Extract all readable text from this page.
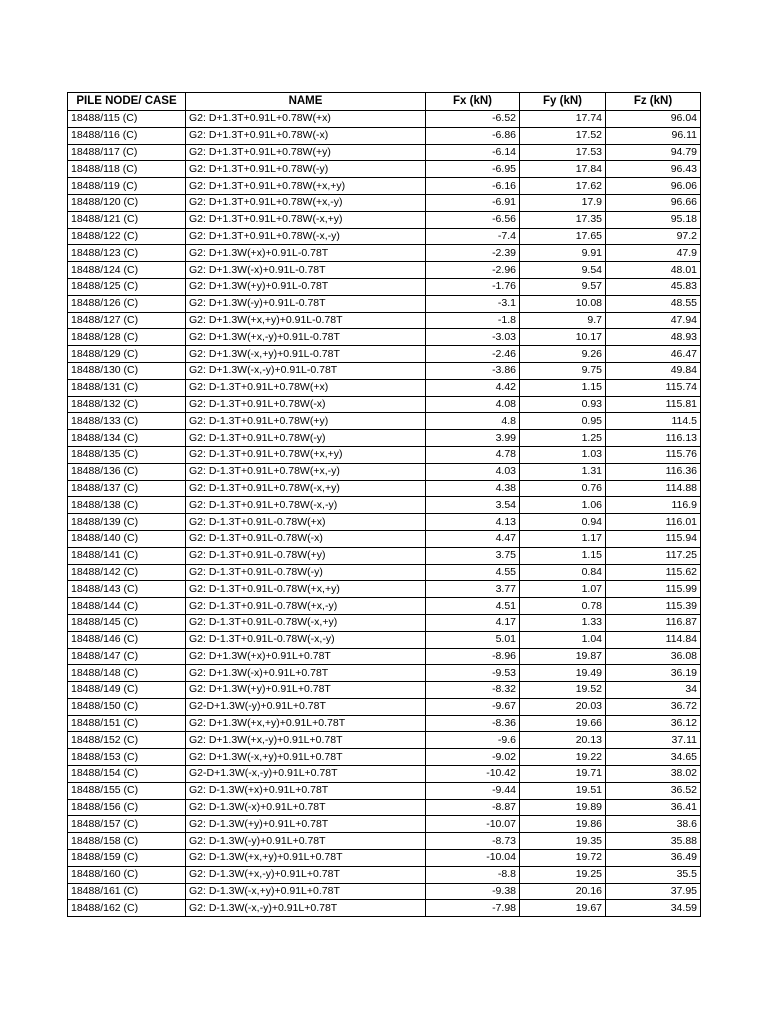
PILE NODE/ CASE	NAME	Fx (kN)	Fy (kN)	Fz (kN)
18488/115 (C)	G2: D+1.3T+0.91L+0.78W(+x)	-6.52	17.74	96.04
18488/116 (C)	G2: D+1.3T+0.91L+0.78W(-x)	-6.86	17.52	96.11
18488/117 (C)	G2: D+1.3T+0.91L+0.78W(+y)	-6.14	17.53	94.79
18488/118 (C)	G2: D+1.3T+0.91L+0.78W(-y)	-6.95	17.84	96.43
18488/119 (C)	G2: D+1.3T+0.91L+0.78W(+x,+y)	-6.16	17.62	96.06
18488/120 (C)	G2: D+1.3T+0.91L+0.78W(+x,-y)	-6.91	17.9	96.66
18488/121 (C)	G2: D+1.3T+0.91L+0.78W(-x,+y)	-6.56	17.35	95.18
18488/122 (C)	G2: D+1.3T+0.91L+0.78W(-x,-y)	-7.4	17.65	97.2
18488/123 (C)	G2: D+1.3W(+x)+0.91L-0.78T	-2.39	9.91	47.9
18488/124 (C)	G2: D+1.3W(-x)+0.91L-0.78T	-2.96	9.54	48.01
18488/125 (C)	G2: D+1.3W(+y)+0.91L-0.78T	-1.76	9.57	45.83
18488/126 (C)	G2: D+1.3W(-y)+0.91L-0.78T	-3.1	10.08	48.55
18488/127 (C)	G2: D+1.3W(+x,+y)+0.91L-0.78T	-1.8	9.7	47.94
18488/128 (C)	G2: D+1.3W(+x,-y)+0.91L-0.78T	-3.03	10.17	48.93
18488/129 (C)	G2: D+1.3W(-x,+y)+0.91L-0.78T	-2.46	9.26	46.47
18488/130 (C)	G2: D+1.3W(-x,-y)+0.91L-0.78T	-3.86	9.75	49.84
18488/131 (C)	G2: D-1.3T+0.91L+0.78W(+x)	4.42	1.15	115.74
18488/132 (C)	G2: D-1.3T+0.91L+0.78W(-x)	4.08	0.93	115.81
18488/133 (C)	G2: D-1.3T+0.91L+0.78W(+y)	4.8	0.95	114.5
18488/134 (C)	G2: D-1.3T+0.91L+0.78W(-y)	3.99	1.25	116.13
18488/135 (C)	G2: D-1.3T+0.91L+0.78W(+x,+y)	4.78	1.03	115.76
18488/136 (C)	G2: D-1.3T+0.91L+0.78W(+x,-y)	4.03	1.31	116.36
18488/137 (C)	G2: D-1.3T+0.91L+0.78W(-x,+y)	4.38	0.76	114.88
18488/138 (C)	G2: D-1.3T+0.91L+0.78W(-x,-y)	3.54	1.06	116.9
18488/139 (C)	G2: D-1.3T+0.91L-0.78W(+x)	4.13	0.94	116.01
18488/140 (C)	G2: D-1.3T+0.91L-0.78W(-x)	4.47	1.17	115.94
18488/141 (C)	G2: D-1.3T+0.91L-0.78W(+y)	3.75	1.15	117.25
18488/142 (C)	G2: D-1.3T+0.91L-0.78W(-y)	4.55	0.84	115.62
18488/143 (C)	G2: D-1.3T+0.91L-0.78W(+x,+y)	3.77	1.07	115.99
18488/144 (C)	G2: D-1.3T+0.91L-0.78W(+x,-y)	4.51	0.78	115.39
18488/145 (C)	G2: D-1.3T+0.91L-0.78W(-x,+y)	4.17	1.33	116.87
18488/146 (C)	G2: D-1.3T+0.91L-0.78W(-x,-y)	5.01	1.04	114.84
18488/147 (C)	G2: D+1.3W(+x)+0.91L+0.78T	-8.96	19.87	36.08
18488/148 (C)	G2: D+1.3W(-x)+0.91L+0.78T	-9.53	19.49	36.19
18488/149 (C)	G2: D+1.3W(+y)+0.91L+0.78T	-8.32	19.52	34
18488/150 (C)	G2-D+1.3W(-y)+0.91L+0.78T	-9.67	20.03	36.72
18488/151 (C)	G2: D+1.3W(+x,+y)+0.91L+0.78T	-8.36	19.66	36.12
18488/152 (C)	G2: D+1.3W(+x,-y)+0.91L+0.78T	-9.6	20.13	37.11
18488/153 (C)	G2: D+1.3W(-x,+y)+0.91L+0.78T	-9.02	19.22	34.65
18488/154 (C)	G2-D+1.3W(-x,-y)+0.91L+0.78T	-10.42	19.71	38.02
18488/155 (C)	G2: D-1.3W(+x)+0.91L+0.78T	-9.44	19.51	36.52
18488/156 (C)	G2: D-1.3W(-x)+0.91L+0.78T	-8.87	19.89	36.41
18488/157 (C)	G2: D-1.3W(+y)+0.91L+0.78T	-10.07	19.86	38.6
18488/158 (C)	G2: D-1.3W(-y)+0.91L+0.78T	-8.73	19.35	35.88
18488/159 (C)	G2: D-1.3W(+x,+y)+0.91L+0.78T	-10.04	19.72	36.49
18488/160 (C)	G2: D-1.3W(+x,-y)+0.91L+0.78T	-8.8	19.25	35.5
18488/161 (C)	G2: D-1.3W(-x,+y)+0.91L+0.78T	-9.38	20.16	37.95
18488/162 (C)	G2: D-1.3W(-x,-y)+0.91L+0.78T	-7.98	19.67	34.59
